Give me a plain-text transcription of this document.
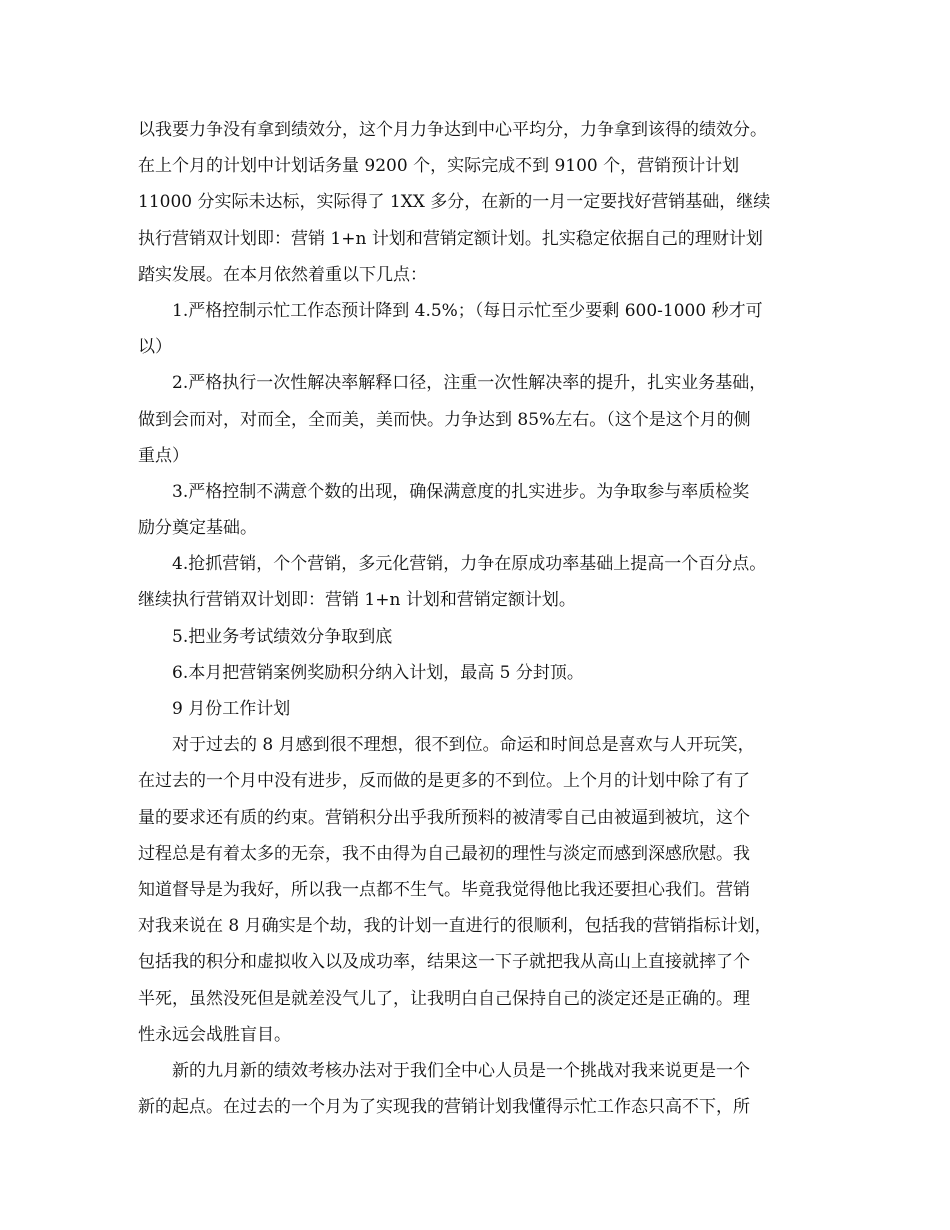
以我要力争没有拿到绩效分，这个月力争达到中心平均分，力争拿到该得的绩效分。

在上个月的计划中计划话务量 9200 个，实际完成不到 9100 个，营销预计计划

11000 分实际未达标，实际得了 1XX 多分，在新的一月一定要找好营销基础，继续

执行营销双计划即：营销 1+n 计划和营销定额计划。扎实稳定依据自己的理财计划

踏实发展。在本月依然着重以下几点：

1.严格控制示忙工作态预计降到 4.5%；（每日示忙至少要剩 600-1000 秒才可

以）

2.严格执行一次性解决率解释口径，注重一次性解决率的提升，扎实业务基础，

做到会而对，对而全，全而美，美而快。力争达到 85%左右。（这个是这个月的侧

重点）

3.严格控制不满意个数的出现，确保满意度的扎实进步。为争取参与率质检奖

励分奠定基础。

4.抢抓营销，个个营销，多元化营销，力争在原成功率基础上提高一个百分点。

继续执行营销双计划即：营销 1+n 计划和营销定额计划。

5.把业务考试绩效分争取到底

6.本月把营销案例奖励积分纳入计划，最高 5 分封顶。

9 月份工作计划

对于过去的 8 月感到很不理想，很不到位。命运和时间总是喜欢与人开玩笑，

在过去的一个月中没有进步，反而做的是更多的不到位。上个月的计划中除了有了

量的要求还有质的约束。营销积分出乎我所预料的被清零自己由被逼到被坑，这个

过程总是有着太多的无奈，我不由得为自己最初的理性与淡定而感到深感欣慰。我

知道督导是为我好，所以我一点都不生气。毕竟我觉得他比我还要担心我们。营销

对我来说在 8 月确实是个劫，我的计划一直进行的很顺利，包括我的营销指标计划，

包括我的积分和虚拟收入以及成功率，结果这一下子就把我从高山上直接就摔了个

半死，虽然没死但是就差没气儿了，让我明白自己保持自己的淡定还是正确的。理

性永远会战胜盲目。

新的九月新的绩效考核办法对于我们全中心人员是一个挑战对我来说更是一个

新的起点。在过去的一个月为了实现我的营销计划我懂得示忙工作态只高不下，所
